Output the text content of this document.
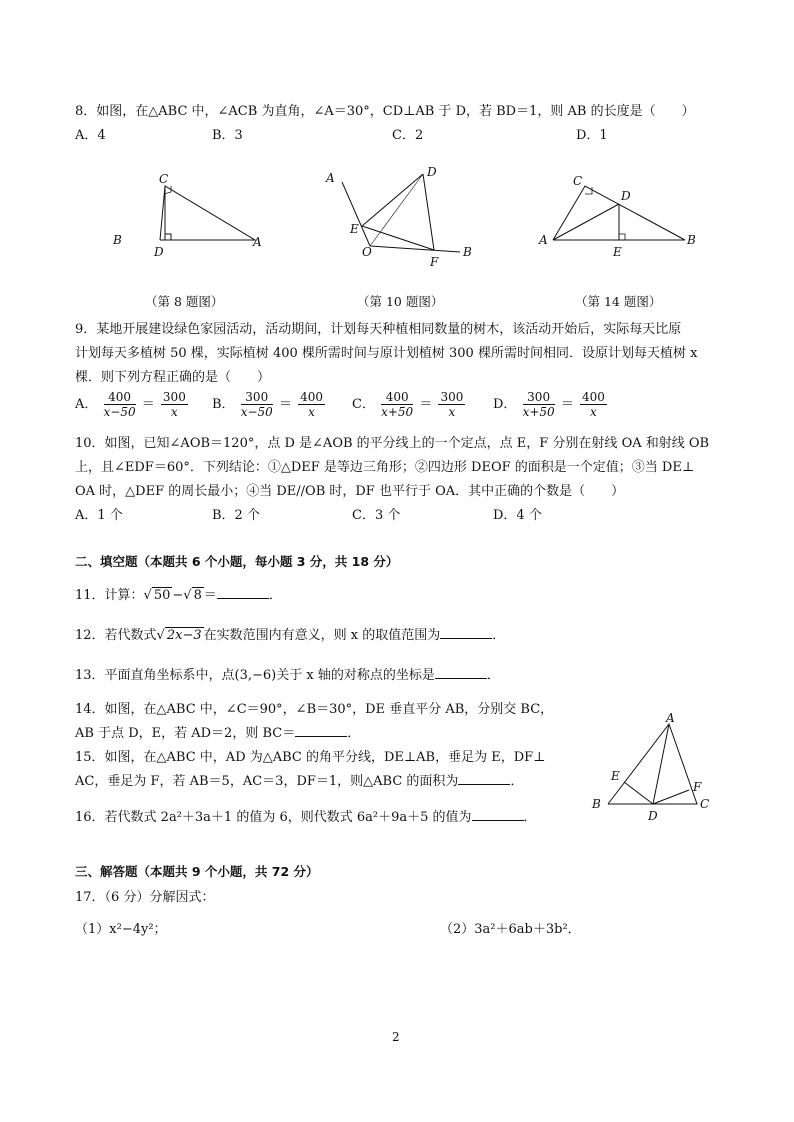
8．如图，在△ABC 中，∠ACB 为直角，∠A＝30°，CD⊥AB 于 D，若 BD＝1，则 AB 的长度是（　　）
A．4	B．3	C．2	D．1
C
B
D
A
（第 8 题图）
A	D
E
O
F
B
（第 10 题图）
C
D
A
E
B
（第 14 题图）
9．某地开展建设绿色家园活动，活动期间，计划每天种植相同数量的树木，该活动开始后，实际每天比原
计划每天多植树 50 棵，实际植树 400 棵所需时间与原计划植树 300 棵所需时间相同．设原计划每天植树 x
棵．则下列方程正确的是（　　）
A． $\frac{400}{x-50} = \frac{300}{x}$ B． $\frac{300}{x-50} = \frac{400}{x}$ C． $\frac{400}{x+50} = \frac{300}{x}$ D． $\frac{300}{x+50} = \frac{400}{x}$
10．如图，已知∠AOB＝120°，点 D 是∠AOB 的平分线上的一个定点，点 E，F 分别在射线 OA 和射线 OB
上，且∠EDF＝60°．下列结论：①△DEF 是等边三角形；②四边形 DEOF 的面积是一个定值；③当 DE⊥
OA 时，△DEF 的周长最小；④当 DE//OB 时，DF 也平行于 OA．其中正确的个数是（　　）
A．1 个	B．2 个	C．3 个	D．4 个
二、填空题（本题共 6 个小题，每小题 3 分，共 18 分）
11．计算：√ 50 −√ 8 ＝	．
12．若代数式√ 2x−3 在实数范围内有意义，则 x 的取值范围为	．
13．平面直角坐标系中，点(3,−6)关于 x 轴的对称点的坐标是	．
14．如图，在△ABC 中，∠C＝90°，∠B＝30°，DE 垂直平分 AB，分别交 BC，
AB 于点 D，E，若 AD＝2，则 BC＝	．
15．如图，在△ABC 中，AD 为△ABC 的角平分线，DE⊥AB，垂足为 E，DF⊥
AC，垂足为 F，若 AB＝5，AC＝3，DF＝1，则△ABC 的面积为	．
A
E
F
B
D
C
16．若代数式 2a²＋3a＋1 的值为 6，则代数式 6a²＋9a＋5 的值为	．
三、解答题（本题共 9 个小题，共 72 分）
17．（6 分）分解因式：
（1）x²−4y²；	（2）3a²＋6ab＋3b²．
2
